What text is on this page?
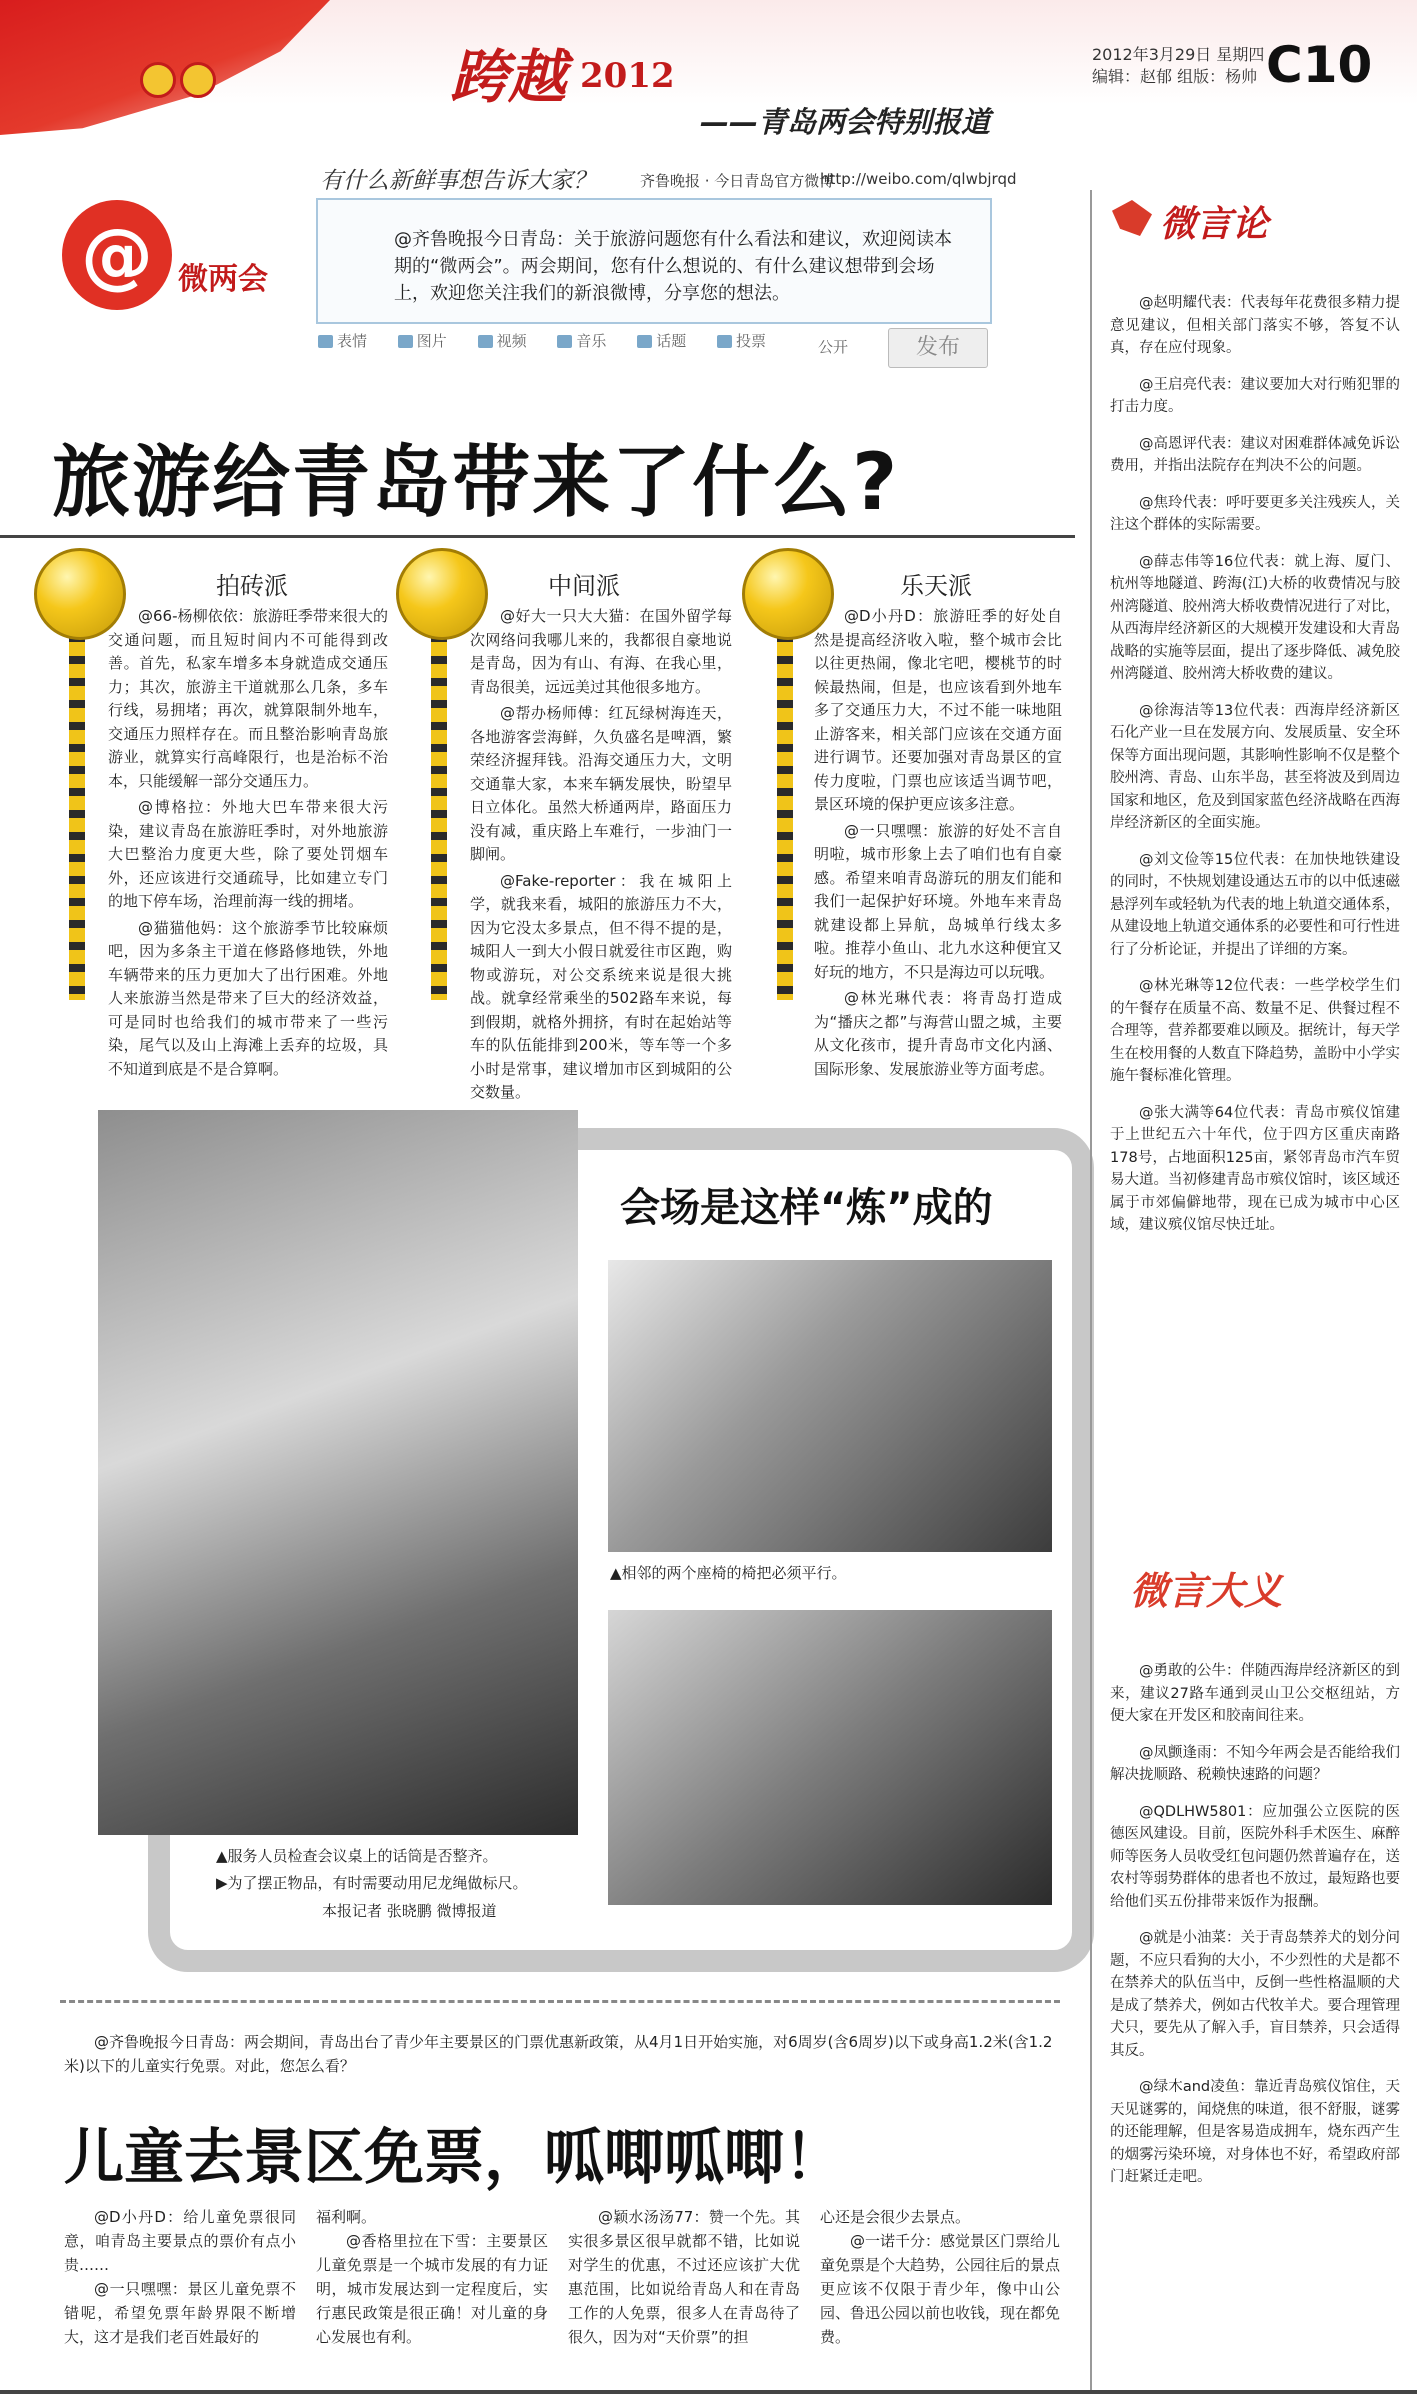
跨越 2012
——青岛两会特别报道
2012年3月29日 星期四
编辑：赵郁 组版：杨帅 C10
@ 微两会
有什么新鲜事想告诉大家？	齐鲁晚报 · 今日青岛官方微博
http://weibo.com/qlwbjrqd
@齐鲁晚报今日青岛：关于旅游问题您有什么看法和建议，欢迎阅读本期的“微两会”。两会期间，您有什么想说的、有什么建议想带到会场上，欢迎您关注我们的新浪微博，分享您的想法。
表情	图片	视频	音乐	话题	投票	公开	发布
旅游给青岛带来了什么?
拍砖派

@66-杨柳依依：旅游旺季带来很大的交通问题，而且短时间内不可能得到改善。首先，私家车增多本身就造成交通压力；其次，旅游主干道就那么几条，多车行线，易拥堵；再次，就算限制外地车，交通压力照样存在。而且整治影响青岛旅游业，就算实行高峰限行，也是治标不治本，只能缓解一部分交通压力。

@博格拉：外地大巴车带来很大污染，建议青岛在旅游旺季时，对外地旅游大巴整治力度更大些，除了要处罚烟车外，还应该进行交通疏导，比如建立专门的地下停车场，治理前海一线的拥堵。

@猫猫他妈：这个旅游季节比较麻烦吧，因为多条主干道在修路修地铁，外地车辆带来的压力更加大了出行困难。外地人来旅游当然是带来了巨大的经济效益，可是同时也给我们的城市带来了一些污染，尾气以及山上海滩上丢弃的垃圾，具不知道到底是不是合算啊。

中间派

@好大一只大大猫：在国外留学每次网络问我哪儿来的，我都很自豪地说是青岛，因为有山、有海、在我心里，青岛很美，远远美过其他很多地方。

@帮办杨师傅：红瓦绿树海连天，各地游客尝海鲜，久负盛名是啤酒，繁荣经济握拜钱。沿海交通压力大，文明交通靠大家，本来车辆发展快，盼望早日立体化。虽然大桥通两岸，路面压力没有减，重庆路上车难行，一步油门一脚闸。

@Fake-reporter：我在城阳上学，就我来看，城阳的旅游压力不大，因为它没太多景点，但不得不提的是，城阳人一到大小假日就爱往市区跑，购物或游玩，对公交系统来说是很大挑战。就拿经常乘坐的502路车来说，每到假期，就格外拥挤，有时在起始站等车的队伍能排到200米，等车等一个多小时是常事，建议增加市区到城阳的公交数量。

乐天派

@D小丹D：旅游旺季的好处自然是提高经济收入啦，整个城市会比以往更热闹，像北宅吧，樱桃节的时候最热闹，但是，也应该看到外地车多了交通压力大，不过不能一味地阻止游客来，相关部门应该在交通方面进行调节。还要加强对青岛景区的宣传力度啦，门票也应该适当调节吧，景区环境的保护更应该多注意。

@一只嘿嘿：旅游的好处不言自明啦，城市形象上去了咱们也有自豪感。希望来咱青岛游玩的朋友们能和我们一起保护好环境。外地车来青岛就建设都上异航，岛城单行线太多啦。推荐小鱼山、北九水这种便宜又好玩的地方，不只是海边可以玩哦。

@林光琳代表：将青岛打造成为“播庆之都”与海营山盟之城，主要从文化孩市，提升青岛市文化内涵、国际形象、发展旅游业等方面考虑。

会场是这样“炼”成的
▲相邻的两个座椅的椅把必须平行。
▲服务人员检查会议桌上的话筒是否整齐。
▶为了摆正物品，有时需要动用尼龙绳做标尺。
本报记者 张晓鹏 微博报道
@齐鲁晚报今日青岛：两会期间，青岛出台了青少年主要景区的门票优惠新政策，从4月1日开始实施，对6周岁(含6周岁)以下或身高1.2米(含1.2米)以下的儿童实行免票。对此，您怎么看？
儿童去景区免票，呱唧呱唧！

@D小丹D：给儿童免票很同意，咱青岛主要景点的票价有点小贵……

@一只嘿嘿：景区儿童免票不错呢，希望免票年龄界限不断增大，这才是我们老百姓最好的

福利啊。

@香格里拉在下雪：主要景区儿童免票是一个城市发展的有力证明，城市发展达到一定程度后，实行惠民政策是很正确！对儿童的身心发展也有利。

@颖水汤汤77：赞一个先。其实很多景区很早就都不错，比如说对学生的优惠，不过还应该扩大优惠范围，比如说给青岛人和在青岛工作的人免票，很多人在青岛待了很久，因为对“天价票”的担

心还是会很少去景点。

@一诺千分：感觉景区门票给儿童免票是个大趋势，公园往后的景点更应该不仅限于青少年，像中山公园、鲁迅公园以前也收钱，现在都免费。

微言论

@赵明耀代表：代表每年花费很多精力提意见建议，但相关部门落实不够，答复不认真，存在应付现象。

@王启亮代表：建议要加大对行贿犯罪的打击力度。

@高恩评代表：建议对困难群体减免诉讼费用，并指出法院存在判决不公的问题。

@焦玲代表：呼吁要更多关注残疾人，关注这个群体的实际需要。

@薛志伟等16位代表：就上海、厦门、杭州等地隧道、跨海(江)大桥的收费情况与胶州湾隧道、胶州湾大桥收费情况进行了对比，从西海岸经济新区的大规模开发建设和大青岛战略的实施等层面，提出了逐步降低、减免胶州湾隧道、胶州湾大桥收费的建议。

@徐海洁等13位代表：西海岸经济新区石化产业一旦在发展方向、发展质量、安全环保等方面出现问题，其影响性影响不仅是整个胶州湾、青岛、山东半岛，甚至将波及到周边国家和地区，危及到国家蓝色经济战略在西海岸经济新区的全面实施。

@刘文俭等15位代表：在加快地铁建设的同时，不快规划建设通达五市的以中低速磁悬浮列车或轻轨为代表的地上轨道交通体系，从建设地上轨道交通体系的必要性和可行性进行了分析论证，并提出了详细的方案。

@林光琳等12位代表：一些学校学生们的午餐存在质量不高、数量不足、供餐过程不合理等，营养都要难以顾及。据统计，每天学生在校用餐的人数直下降趋势，盖盼中小学实施午餐标准化管理。

@张大满等64位代表：青岛市殡仪馆建于上世纪五六十年代，位于四方区重庆南路178号，占地面积125亩，紧邻青岛市汽车贸易大道。当初修建青岛市殡仪馆时，该区域还属于市郊偏僻地带，现在已成为城市中心区域，建议殡仪馆尽快迁址。

微言大义

@勇敢的公牛：伴随西海岸经济新区的到来，建议27路车通到灵山卫公交枢纽站，方便大家在开发区和胶南间往来。

@凤颤逢雨：不知今年两会是否能给我们解决拢顺路、税赖快速路的问题？

@QDLHW5801：应加强公立医院的医德医风建设。目前，医院外科手术医生、麻醉师等医务人员收受红包问题仍然普遍存在，送农村等弱势群体的患者也不放过，最短路也要给他们买五份排带来饭作为报酬。

@就是小油菜：关于青岛禁养犬的划分问题，不应只看狗的大小，不少烈性的犬是都不在禁养犬的队伍当中，反倒一些性格温顺的犬是成了禁养犬，例如古代牧羊犬。要合理管理犬只，要先从了解入手，盲目禁养，只会适得其反。

@绿木and凌鱼：靠近青岛殡仪馆住，天天见谜雾的，闻烧焦的味道，很不舒服，谜雾的还能理解，但是客易造成拥车，烧东西产生的烟雾污染环境，对身体也不好，希望政府部门赶紧迁走吧。
